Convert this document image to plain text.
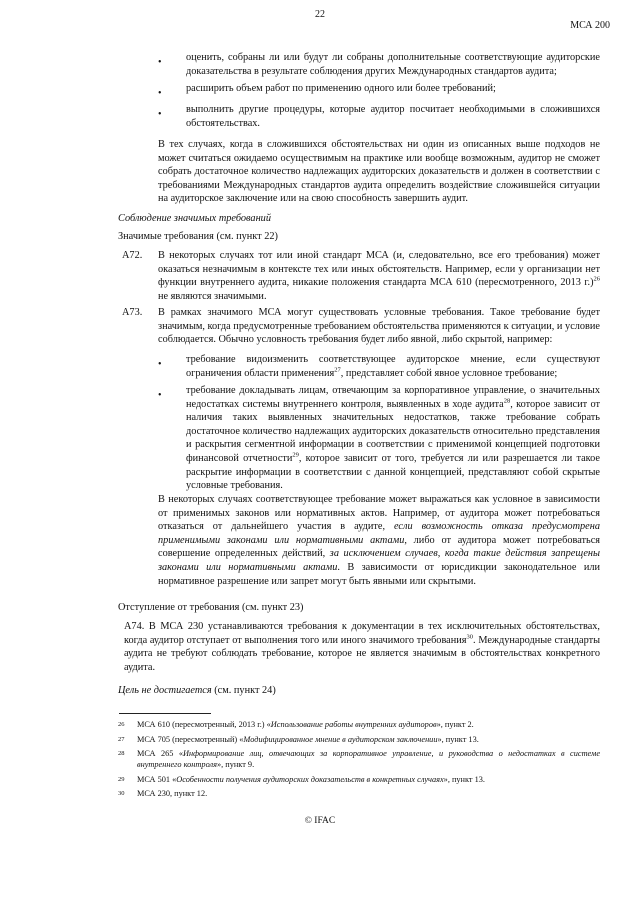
22
МСА 200
• оценить, собраны ли или будут ли собраны дополнительные соответствующие аудиторские доказательства в результате соблюдения других Международных стандартов аудита;
• расширить объем работ по применению одного или более требований;
• выполнить другие процедуры, которые аудитор посчитает необходимыми в сложившихся обстоятельствах.
В тех случаях, когда в сложившихся обстоятельствах ни один из описанных выше подходов не может считаться ожидаемо осуществимым на практике или вообще возможным, аудитор не сможет собрать достаточное количество надлежащих аудиторских доказательств и должен в соответствии с требованиями Международных стандартов аудита определить воздействие сложившейся ситуации на аудиторское заключение или на свою способность завершить аудит.
Соблюдение значимых требований
Значимые требования (см. пункт 22)
A72. В некоторых случаях тот или иной стандарт МСА (и, следовательно, все его требования) может оказаться незначимым в контексте тех или иных обстоятельств. Например, если у организации нет функции внутреннего аудита, никакие положения стандарта МСА 610 (пересмотренного, 2013 г.)$^{26}$ не являются значимыми.
A73. В рамках значимого МСА могут существовать условные требования. Такое требование будет значимым, когда предусмотренные требованием обстоятельства применяются к ситуации, и условие соблюдается. Обычно условность требования будет либо явной, либо скрытой, например:
• требование видоизменить соответствующее аудиторское мнение, если существуют ограничения области применения$^{27}$, представляет собой явное условное требование;
• требование докладывать лицам, отвечающим за корпоративное управление, о значительных недостатках системы внутреннего контроля, выявленных в ходе аудита$^{28}$, которое зависит от наличия таких выявленных значительных недостатков, также требование собрать достаточное количество надлежащих аудиторских доказательств относительно представления и раскрытия сегментной информации в соответствии с применимой концепцией подготовки финансовой отчетности$^{29}$, которое зависит от того, требуется ли или разрешается ли такое раскрытие информации в соответствии с данной концепцией, представляют собой скрытые условные требования.
В некоторых случаях соответствующее требование может выражаться как условное в зависимости от применимых законов или нормативных актов. Например, от аудитора может потребоваться отказаться от дальнейшего участия в аудите, если возможность отказа предусмотрена применимыми законами или нормативными актами, либо от аудитора может потребоваться совершение определенных действий, за исключением случаев, когда такие действия запрещены законами или нормативными актами. В зависимости от юрисдикции законодательное или нормативное разрешение или запрет могут быть явными или скрытыми.
Отступление от требования (см. пункт 23)
A74. В МСА 230 устанавливаются требования к документации в тех исключительных обстоятельствах, когда аудитор отступает от выполнения того или иного значимого требования$^{30}$. Международные стандарты аудита не требуют соблюдать требование, которое не является значимым в обстоятельствах конкретного аудита.
Цель не достигается (см. пункт 24)
26 МСА 610 (пересмотренный, 2013 г.) «Использование работы внутренних аудиторов», пункт 2.
27 МСА 705 (пересмотренный) «Модифицированное мнение в аудиторском заключении», пункт 13.
28 МСА 265 «Информирование лиц, отвечающих за корпоративное управление, и руководства о недостатках в системе внутреннего контроля», пункт 9.
29 МСА 501 «Особенности получения аудиторских доказательств в конкретных случаях», пункт 13.
30 МСА 230, пункт 12.
© IFAC
